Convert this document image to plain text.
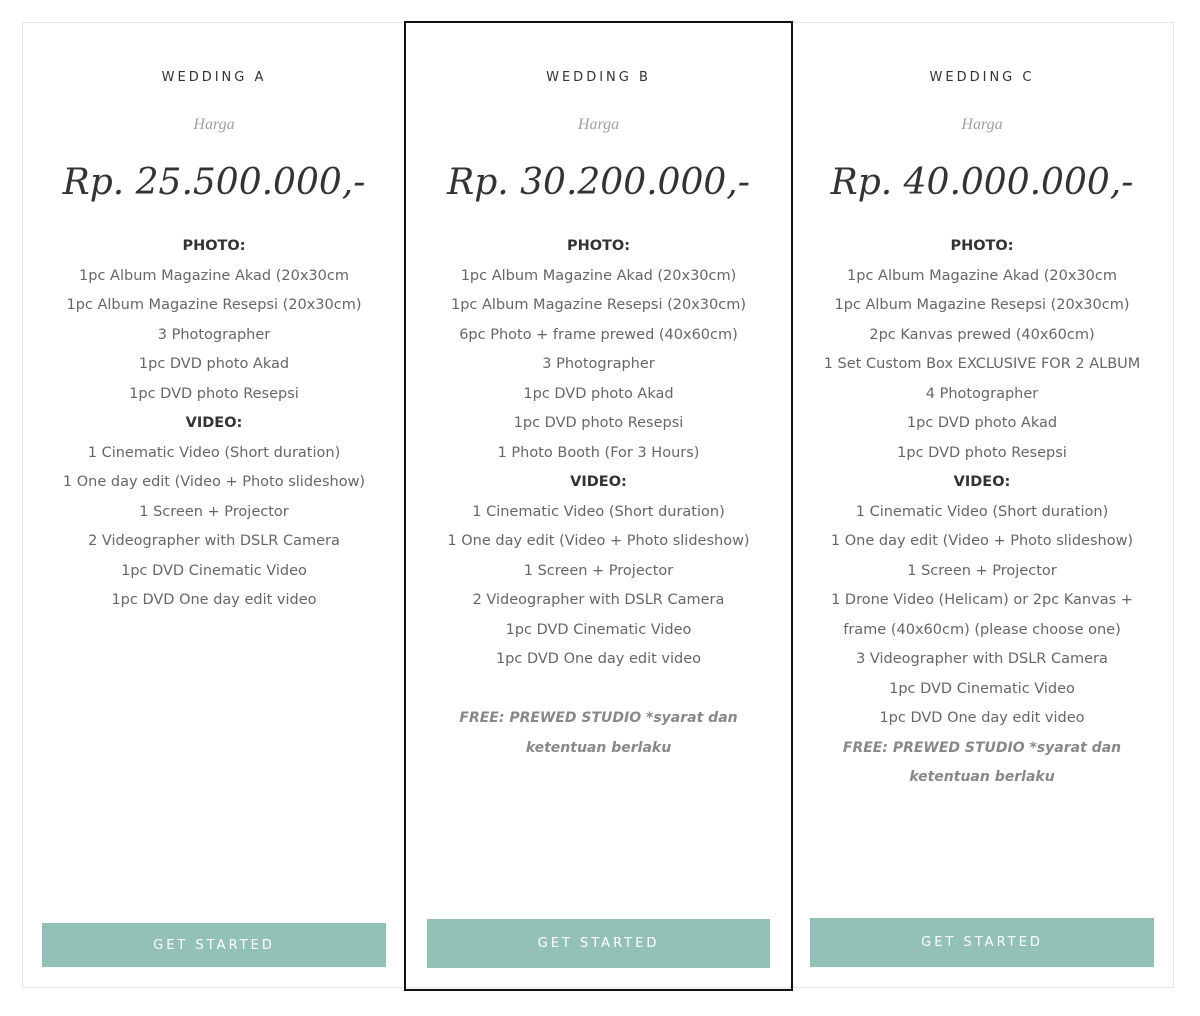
WEDDING A
Harga
Rp. 25.500.000,-
PHOTO:
1pc Album Magazine Akad (20x30cm
1pc Album Magazine Resepsi (20x30cm)
3 Photographer
1pc DVD photo Akad
1pc DVD photo Resepsi
VIDEO:
1 Cinematic Video (Short duration)
1 One day edit (Video + Photo slideshow)
1 Screen + Projector
2 Videographer with DSLR Camera
1pc DVD Cinematic Video
1pc DVD One day edit video
GET STARTED
WEDDING B
Harga
Rp. 30.200.000,-
PHOTO:
1pc Album Magazine Akad (20x30cm)
1pc Album Magazine Resepsi (20x30cm)
6pc Photo + frame prewed (40x60cm)
3 Photographer
1pc DVD photo Akad
1pc DVD photo Resepsi
1 Photo Booth (For 3 Hours)
VIDEO:
1 Cinematic Video (Short duration)
1 One day edit (Video + Photo slideshow)
1 Screen + Projector
2 Videographer with DSLR Camera
1pc DVD Cinematic Video
1pc DVD One day edit video
FREE: PREWED STUDIO *syarat dan ketentuan berlaku
GET STARTED
WEDDING C
Harga
Rp. 40.000.000,-
PHOTO:
1pc Album Magazine Akad (20x30cm
1pc Album Magazine Resepsi (20x30cm)
2pc Kanvas prewed (40x60cm)
1 Set Custom Box EXCLUSIVE FOR 2 ALBUM
4 Photographer
1pc DVD photo Akad
1pc DVD photo Resepsi
VIDEO:
1 Cinematic Video (Short duration)
1 One day edit (Video + Photo slideshow)
1 Screen + Projector
1 Drone Video (Helicam) or 2pc Kanvas + frame (40x60cm) (please choose one)
3 Videographer with DSLR Camera
1pc DVD Cinematic Video
1pc DVD One day edit video
FREE: PREWED STUDIO *syarat dan ketentuan berlaku
GET STARTED
